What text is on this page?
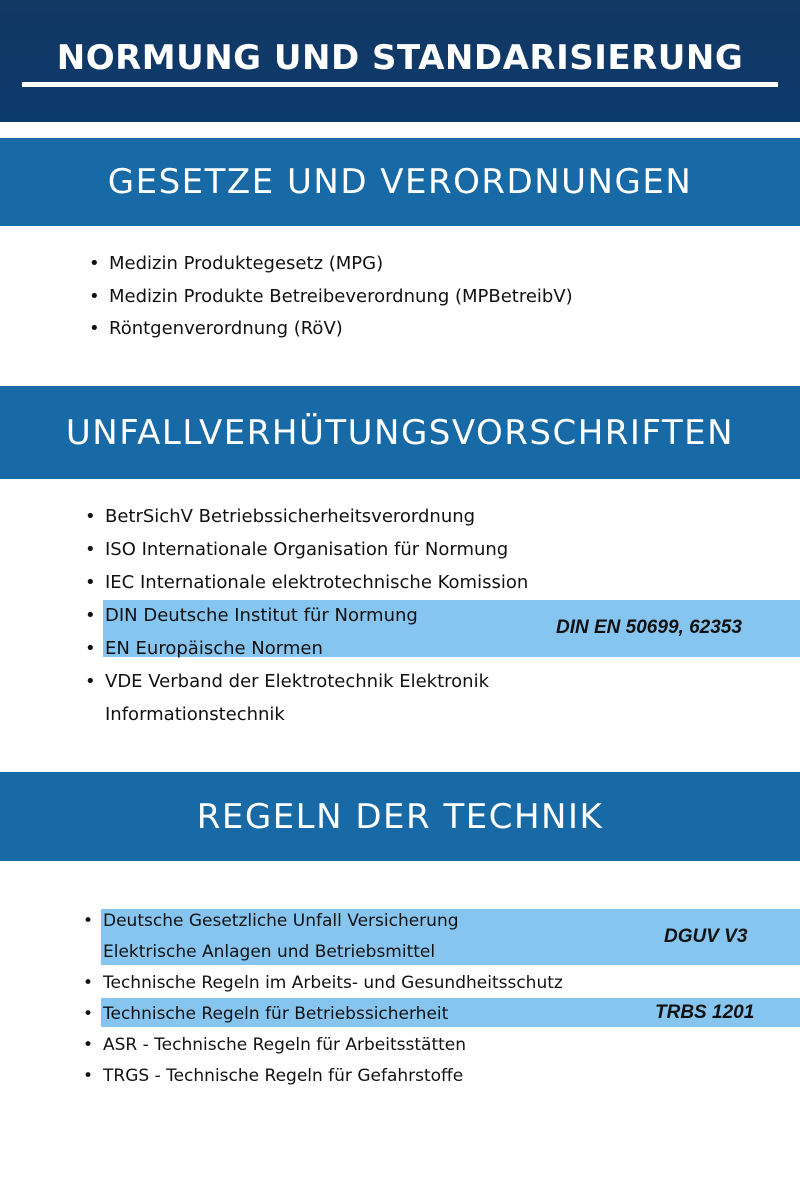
NORMUNG UND STANDARISIERUNG
GESETZE UND VERORDNUNGEN
• Medizin Produktegesetz (MPG)
• Medizin Produkte Betreibeverordnung (MPBetreibV)
• Röntgenverordnung (RöV)
UNFALLVERHÜTUNGSVORSCHRIFTEN
• BetrSichV Betriebssicherheitsverordnung
• ISO Internationale Organisation für Normung
• IEC Internationale elektrotechnische Komission
• DIN Deutsche Institut für Normung
• EN Europäische Normen
• VDE Verband der Elektrotechnik Elektronik
Informationstechnik
DIN EN 50699, 62353
REGELN DER TECHNIK
• Deutsche Gesetzliche Unfall Versicherung
Elektrische Anlagen und Betriebsmittel
• Technische Regeln im Arbeits- und Gesundheitsschutz
• Technische Regeln für Betriebssicherheit
• ASR - Technische Regeln für Arbeitsstätten
• TRGS - Technische Regeln für Gefahrstoffe
DGUV V3
TRBS 1201
